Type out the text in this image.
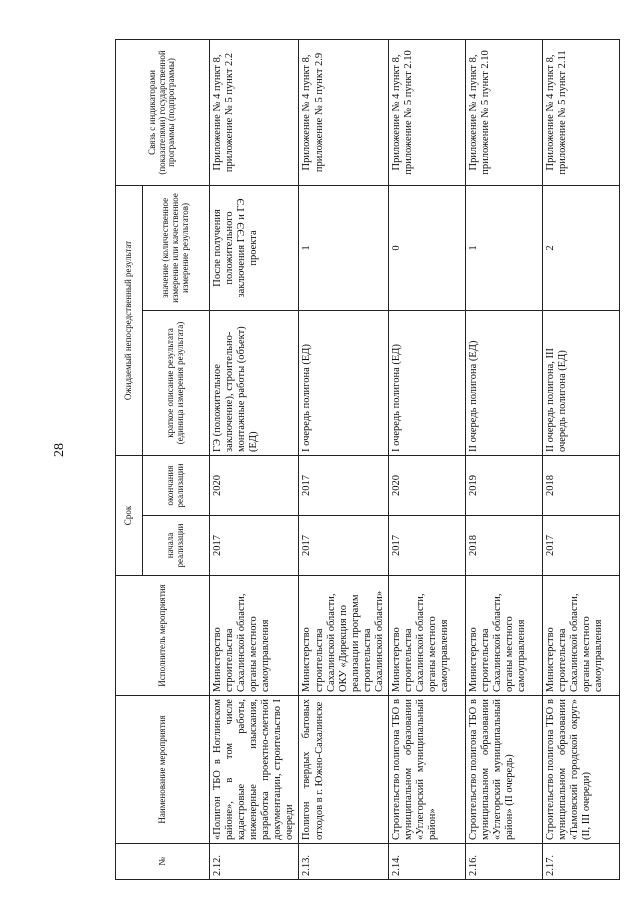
28
№	Наименование мероприятия	Исполнитель мероприятия	Срок		Ожидаемый непосредственный результат		Связь с индикаторами (показателями) государственной программы (подпрограммы)
			начала реализации	окончания реализации	краткое описание результата (единица измерения результата)	значение (количественное измерение или качественное измерение результатов)	
2.12.	«Полигон ТБО в Ноглинском районе», в том числе кадастровые работы, инженерные изыскания, разработка проектно-сметной документации, строительство I очереди	Министерство строительства Сахалинской области, органы местного самоуправления	2017	2020	ГЭ (положительное заключение), строительно-монтажные работы (объект) (ЕД)	После получения положительного заключения ГЭЭ и ГЭ проекта	Приложение № 4 пункт 8, приложение № 5 пункт 2.2
2.13.	Полигон твердых бытовых отходов в г. Южно-Сахалинске	Министерство строительства Сахалинской области, ОКУ «Дирекция по реализации программ строительства Сахалинской области»	2017	2017	I очередь полигона (ЕД)	1	Приложение № 4 пункт 8, приложение № 5 пункт 2.9
2.14.	Строительство полигона ТБО в муниципальном образовании «Углегорский муниципальный район»	Министерство строительства Сахалинской области, органы местного самоуправления	2017	2020	I очередь полигона (ЕД)	0	Приложение № 4 пункт 8, приложение № 5 пункт 2.10
2.16.	Строительство полигона ТБО в муниципальном образовании «Углегорский муниципальный район» (II очередь)	Министерство строительства Сахалинской области, органы местного самоуправления	2018	2019	II очередь полигона (ЕД)	1	Приложение № 4 пункт 8, приложение № 5 пункт 2.10
2.17.	Строительство полигона ТБО в муниципальном образовании «Тымовский городской округ» (II, III очереди)	Министерство строительства Сахалинской области, органы местного самоуправления	2017	2018	II очередь полигона, III очередь полигона (ЕД)	2	Приложение № 4 пункт 8, приложение № 5 пункт 2.11
